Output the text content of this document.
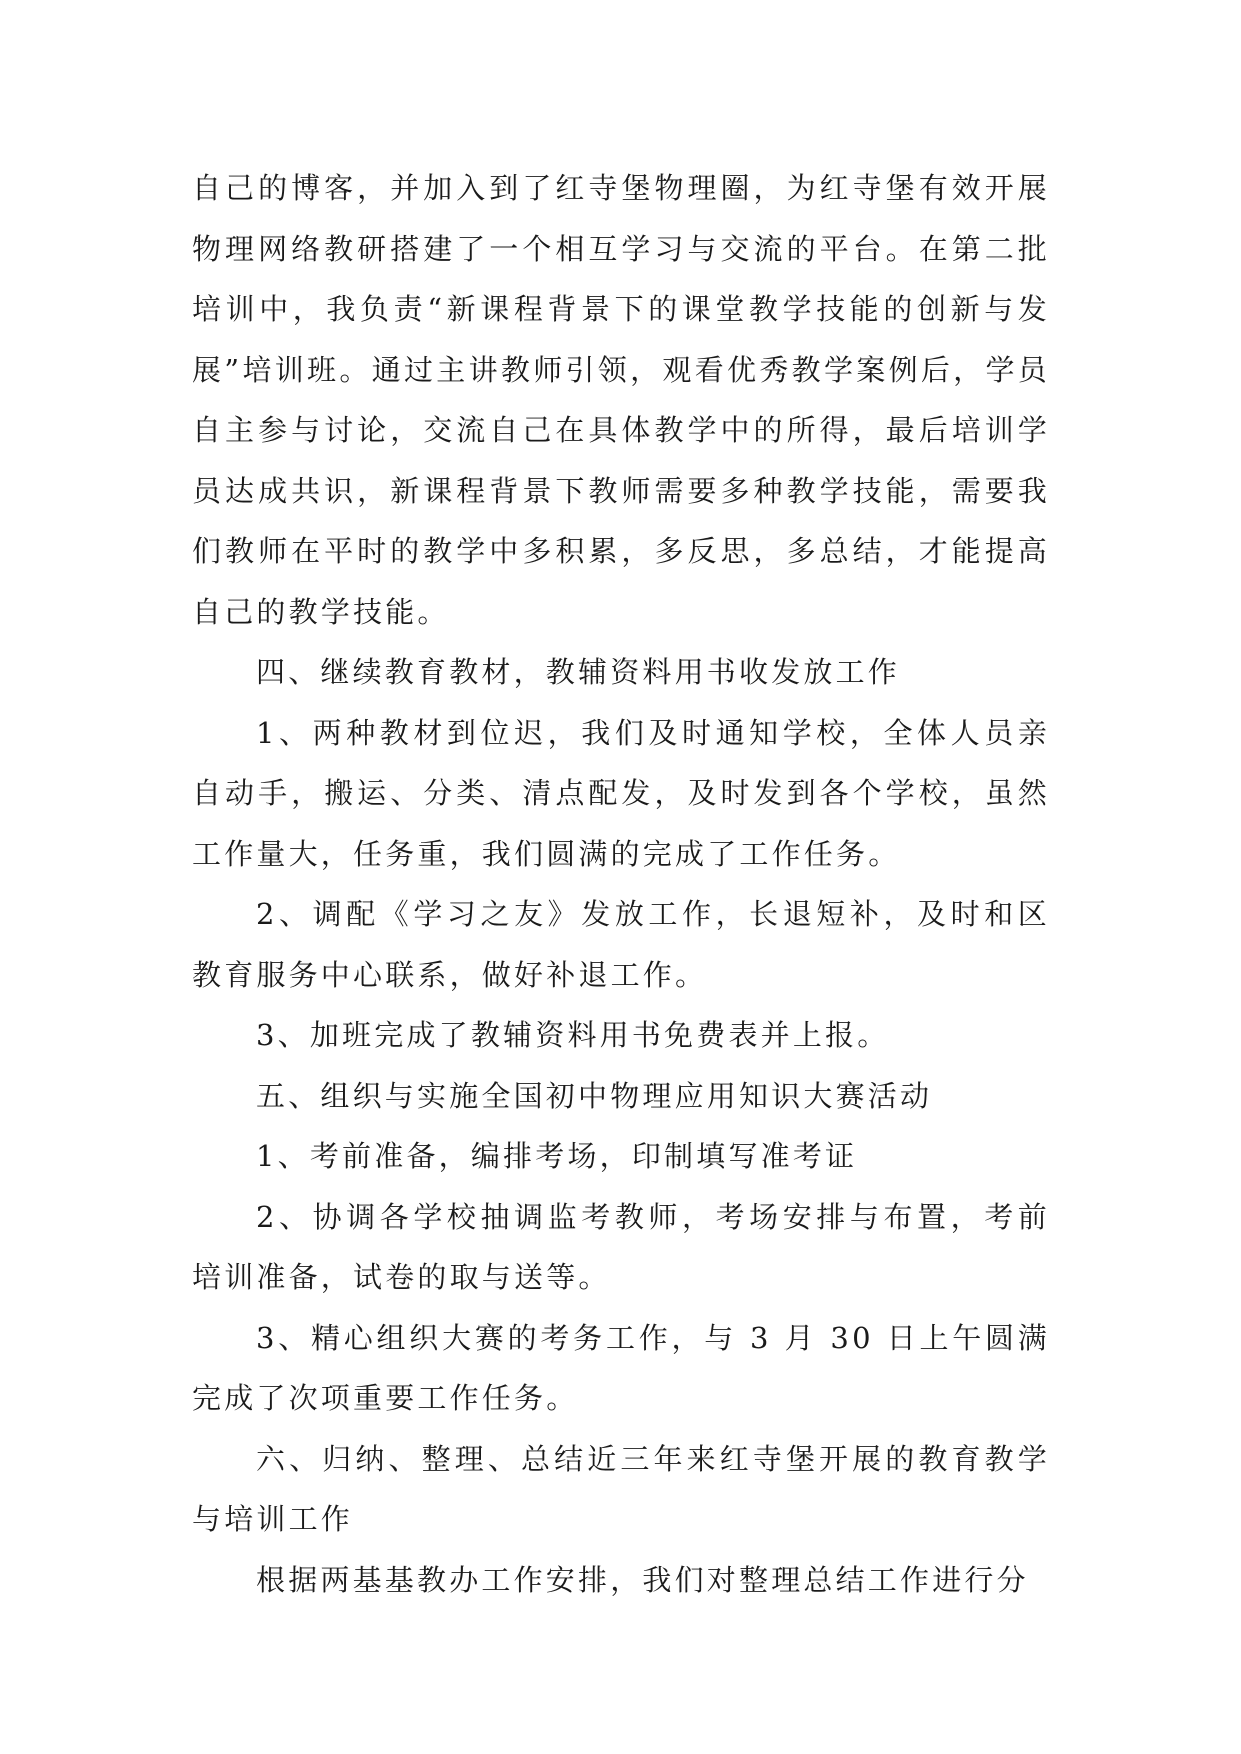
自己的博客，并加入到了红寺堡物理圈，为红寺堡有效开展物理网络教研搭建了一个相互学习与交流的平台。在第二批培训中，我负责“新课程背景下的课堂教学技能的创新与发展”培训班。通过主讲教师引领，观看优秀教学案例后，学员自主参与讨论，交流自己在具体教学中的所得，最后培训学员达成共识，新课程背景下教师需要多种教学技能，需要我们教师在平时的教学中多积累，多反思，多总结，才能提高自己的教学技能。

四、继续教育教材，教辅资料用书收发放工作

1、两种教材到位迟，我们及时通知学校，全体人员亲自动手，搬运、分类、清点配发，及时发到各个学校，虽然工作量大，任务重，我们圆满的完成了工作任务。

2、调配《学习之友》发放工作，长退短补，及时和区教育服务中心联系，做好补退工作。

3、加班完成了教辅资料用书免费表并上报。

五、组织与实施全国初中物理应用知识大赛活动

1、考前准备，编排考场，印制填写准考证

2、协调各学校抽调监考教师，考场安排与布置，考前培训准备，试卷的取与送等。

3、精心组织大赛的考务工作，与 3 月 30 日上午圆满完成了次项重要工作任务。

六、归纳、整理、总结近三年来红寺堡开展的教育教学与培训工作

根据两基基教办工作安排，我们对整理总结工作进行分
